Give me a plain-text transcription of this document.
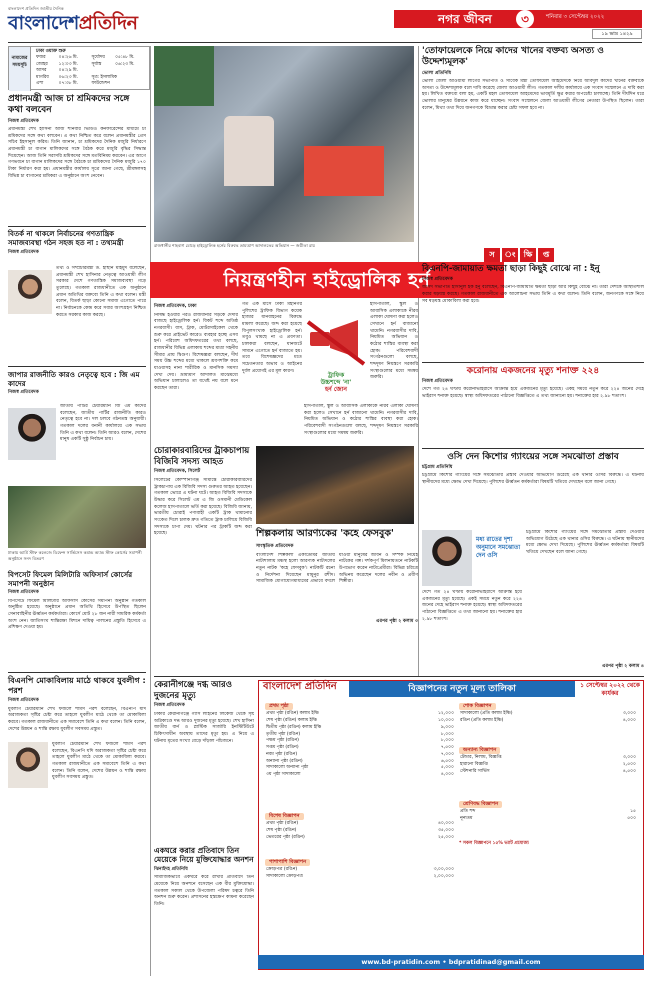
বাংলাদেশ প্রতিদিন জাতীয় দৈনিক
বাংলাদেশপ্রতিদিন	নগর জীবন	৩	শনিবার ৩ সেপ্টেম্বর ২০২২
১৯ ভাদ্র ১৪২৯
নামাজের
সময়সূচি
ঢাকা ওয়াক্ত শুরু			
ফজর	০৪:২৬ মি.	সূর্যোদয়	০৫:৪৮ মি.
জোহর	১২:০৩ মি.	সূর্যাস্ত	০৬:২৩ মি.
আসর	০৪:২৯ মি.		
মাগরিব	০৬:২৩ মি.	সূত্র: ইসলামিক	
এশা	০৭:৩৮ মি.	ফাউন্ডেশন	
প্রধানমন্ত্রী আজ চা শ্রমিকদের সঙ্গে কথা বলবেন
নিজস্ব প্রতিবেদক
প্রধানমন্ত্রী শেখ হাসিনা আজ শনিবার ভিডিও কনফারেন্সের মাধ্যমে চা শ্রমিকদের সঙ্গে কথা বলবেন। এ কথা নিশ্চিত করে বলেন প্রধানমন্ত্রীর প্রেস সচিব ইহসানুল করিম। তিনি জানান, চা শ্রমিকদের দৈনিক মজুরি নির্ধারণে প্রধানমন্ত্রী চা বাগান মালিকদের সঙ্গে বৈঠক করে মজুরি বৃদ্ধির সিদ্ধান্ত দিয়েছেন। আজ তিনি সরাসরি শ্রমিকদের সঙ্গে মতবিনিময় করবেন। এর আগে গণভবনে চা বাগান মালিকদের সঙ্গে বৈঠকে চা শ্রমিকদের দৈনিক মজুরি ১৭০ টাকা নির্ধারণ করা হয়। প্রধানমন্ত্রীর কার্যালয় সূত্রে জানা গেছে, শ্রীমঙ্গলসহ বিভিন্ন চা বাগানের শ্রমিকরা এ অনুষ্ঠানে অংশ নেবেন।
বিতর্ক না থাকলে নির্বাচনের গণতান্ত্রিক সমাজব্যবস্থা গঠন সহজ হত না : তথ্যমন্ত্রী
নিজস্ব প্রতিবেদক
তথ্য ও সম্প্রচারমন্ত্রী ড. হাছান মাহমুদ বলেছেন, প্রধানমন্ত্রী শেখ হাসিনার নেতৃত্বে আওয়ামী লীগ সরকার দেশে গণতান্ত্রিক সমাজব্যবস্থা গড়ে তুলেছে। গতকাল রাজধানীতে এক অনুষ্ঠানে প্রধান অতিথির বক্তব্যে তিনি এ কথা বলেন। মন্ত্রী বলেন, বিতর্ক ছাড়া কোনো সমাজ এগোতে পারে না। নির্বাচনকে কেন্দ্র করে সবার অংশগ্রহণ নিশ্চিত করতে সরকার কাজ করছে।
জাপার রাজনীতি কারও নেতৃত্বে হবে : জি এম কাদের
নিজস্ব প্রতিবেদক
জাতীয় পার্টির চেয়ারম্যান জি এম কাদের বলেছেন, জাতীয় পার্টির রাজনীতি কারও নেতৃত্বে হবে না। দল চলবে গঠনতন্ত্র অনুযায়ী। গতকাল দলের বনানী কার্যালয়ে এক সভায় তিনি এ কথা বলেন। তিনি আরও বলেন, দেশের মানুষ একটি সুষ্ঠু নির্বাচন চায়।
ঢাকায় আর্মি স্টাফ কলেজে ডিফেন্স সার্ভিসেস কমান্ড অ্যান্ড স্টাফ কোর্সের সমাপনী অনুষ্ঠানে সনদ বিতরণ
বিপসেট ফিমেল মিলিটারি অফিসার্স কোর্সের সমাপনী অনুষ্ঠান
নিজস্ব প্রতিবেদক
বিপসেটে ফিমেল মিলিটারি অফিসার্স কোর্সের সমাপনী অনুষ্ঠান গতকাল অনুষ্ঠিত হয়েছে। অনুষ্ঠানে প্রধান অতিথি হিসেবে উপস্থিত ছিলেন সেনাবাহিনীর ঊর্ধ্বতন কর্মকর্তারা। কোর্সে মোট ২৮ জন নারী সামরিক কর্মকর্তা অংশ নেন। জাতিসংঘ শান্তিরক্ষা মিশনে দায়িত্ব পালনের প্রস্তুতি হিসেবে এ প্রশিক্ষণ দেওয়া হয়।
বিএনপি মোকাবিলায় মাঠে থাকবে যুবলীগ : পরশ
নিজস্ব প্রতিবেদক
যুবলীগ চেয়ারম্যান শেখ ফজলে শামস পরশ বলেছেন, বিএনপি যদি অরাজকতা সৃষ্টির চেষ্টা করে তাহলে যুবলীগ মাঠে থেকে তা মোকাবিলা করবে। গতকাল রাজধানীতে এক সমাবেশে তিনি এ কথা বলেন। তিনি বলেন, দেশের উন্নয়ন ও শান্তি রক্ষায় যুবলীগ সবসময় প্রস্তুত।
যুবলীগ চেয়ারম্যান শেখ ফজলে শামস পরশ বলেছেন, বিএনপি যদি অরাজকতা সৃষ্টির চেষ্টা করে তাহলে যুবলীগ মাঠে থেকে তা মোকাবিলা করবে। গতকাল রাজধানীতে এক সমাবেশে তিনি এ কথা বলেন। তিনি বলেন, দেশের উন্নয়ন ও শান্তি রক্ষায় যুবলীগ সবসময় প্রস্তুত।
রাজধানীর শাহবাগ মোড়ে হাইড্রোলিক হর্নের বিরুদ্ধে ভ্রাম্যমাণ আদালতের অভিযান — জয়ীতা রায়
'তোফায়েলকে নিয়ে কাদের খানের বক্তব্য অসত্য ও উদ্দেশ্যমূলক'
ভোলা প্রতিনিধি
ভোলা জেলা আওয়ামী লীগের সভাপতি ও সাবেক মন্ত্রী তোফায়েল আহমেদকে নিয়ে আবদুল কাদের খানের বক্তব্যকে অসত্য ও উদ্দেশ্যমূলক বলে দাবি করেছে জেলা আওয়ামী লীগ। গতকাল দলীয় কার্যালয়ে এক সংবাদ সম্মেলনে এ দাবি করা হয়। লিখিত বক্তব্যে বলা হয়, একটি মহল তোফায়েল আহমেদের ভাবমূর্তি ক্ষুণ্ণ করার অপচেষ্টা চালাচ্ছে। তিনি দীর্ঘদিন ধরে ভোলার মানুষের উন্নয়নে কাজ করে যাচ্ছেন। সংবাদ সম্মেলনে জেলা আওয়ামী লীগের নেতারা উপস্থিত ছিলেন। তারা বলেন, মিথ্যা তথ্য দিয়ে জনগণকে বিভ্রান্ত করার চেষ্টা সফল হবে না।
স ং ক্ষি প্ত
নিয়ন্ত্রণহীন হাইড্রোলিক হর্ন
নিজস্ব প্রতিবেদক, ঢাকা
নিষিদ্ধ হওয়ার পরও রাজধানীর সড়কে দেদার বাজছে হাইড্রোলিক হর্ন। বিকট শব্দে অতিষ্ঠ নগরবাসী। বাস, ট্রাক, মোটরসাইকেল থেকে শুরু করে প্রাইভেট কারেও ব্যবহার হচ্ছে এসব হর্ন। পরিবেশ অধিদফতরের তথ্য বলছে, রাজধানীর বিভিন্ন এলাকায় শব্দের মাত্রা সহনীয় সীমার প্রায় দ্বিগুণ। বিশেষজ্ঞরা বলছেন, দীর্ঘ সময় উচ্চ শব্দের মধ্যে থাকলে শ্রবণশক্তি কমে যাওয়াসহ নানা শারীরিক ও মানসিক সমস্যা দেখা দেয়। ভ্রাম্যমাণ আদালত মাঝেমধ্যে অভিযান চালালেও তা যথেষ্ট নয় বলে মনে করছেন তারা।
গত এক মাসে ঢাকা মহানগর পুলিশের ট্রাফিক বিভাগ কয়েক হাজার যানবাহনের বিরুদ্ধে মামলা করেছে। জব্দ করা হয়েছে বিপুলসংখ্যক হাইড্রোলিক হর্ন। তবুও থামছে না এ প্রবণতা। চালকরা বলছেন, যানজটে সামনে এগোতে হর্ন বাজাতে হয়। তবে বিশেষজ্ঞদের মতে সচেতনতার অভাব ও আইনের দুর্বল প্রয়োগই এর মূল কারণ।
ট্রাফিক
উচ্চশব্দে 'না'
হর্ন জোন
হাসপাতাল, স্কুল ও আবাসিক এলাকাকে নীরব এলাকা ঘোষণা করা হলেও সেখানে হর্ন বাজানো থামেনি। নগরবাসীর দাবি, নিয়মিত অভিযান ও কঠোর শাস্তির ব্যবস্থা করা হোক। পরিবেশবাদী সংগঠনগুলো বলছে, শব্দদূষণ নিয়ন্ত্রণে সরকারি সংস্থাগুলোর মধ্যে সমন্বয় জরুরি।
হাসপাতাল, স্কুল ও আবাসিক এলাকাকে নীরব এলাকা ঘোষণা করা হলেও সেখানে হর্ন বাজানো থামেনি। নগরবাসীর দাবি, নিয়মিত অভিযান ও কঠোর শাস্তির ব্যবস্থা করা হোক। পরিবেশবাদী সংগঠনগুলো বলছে, শব্দদূষণ নিয়ন্ত্রণে সরকারি সংস্থাগুলোর মধ্যে সমন্বয় জরুরি।
চোরাকারবারিদের ট্রাকচাপায় বিজিবি সদস্য আহত
নিজস্ব প্রতিবেদক, সিলেট
সিলেটের কোম্পানীগঞ্জ সীমান্তে চোরাকারবারিদের ট্রাকচাপায় এক বিজিবি সদস্য গুরুতর আহত হয়েছেন। গতকাল ভোরে এ ঘটনা ঘটে। আহত বিজিবি সদস্যকে উদ্ধার করে সিলেট এম এ জি ওসমানী মেডিকেল কলেজ হাসপাতালে ভর্তি করা হয়েছে। বিজিবি জানায়, ভারতীয় চোরাই পণ্যবাহী একটি ট্রাক থামানোর সংকেত দিলে চালক দ্রুত গতিতে ট্রাক চালিয়ে বিজিবি সদস্যকে চাপা দেয়। ঘটনার পর ট্রাকটি জব্দ করা হয়েছে।	শিল্পকলায় আরণ্যকের 'কহে ফেসবুক'
সাংস্কৃতিক প্রতিবেদক
বাংলাদেশ শিল্পকলা একাডেমির জাতীয় নাট্যশালায় মঞ্চস্থ হলো আরণ্যক নাট্যদলের নতুন নাটক 'কহে ফেসবুক'। নাটকটি রচনা ও নির্দেশনা দিয়েছেন মামুনুর রশীদ। সামাজিক যোগাযোগমাধ্যমের প্রভাবে বদলে যাওয়া মানুষের জীবন ও সম্পর্ক নিয়েই নাটকের গল্প। দর্শকপূর্ণ মিলনায়তনে নাটকটি উপভোগ করেন নাট্যপ্রেমীরা। বিভিন্ন চরিত্রে অভিনয় করেছেন দলের নবীন ও প্রবীণ শিল্পীরা।
এরপর পৃষ্ঠা ২ কলাম ৩
বিএনপি-জামায়াত ক্ষমতা ছাড়া কিছুই বোঝে না : ইনু
নিজস্ব প্রতিবেদক
জাসদ সভাপতি হাসানুল হক ইনু বলেছেন, বিএনপি-জামায়াত ক্ষমতা ছাড়া আর কিছুই বোঝে না। তারা দেশকে অস্থিতিশীল করার ষড়যন্ত্র করছে। গতকাল রাজধানীতে এক আলোচনা সভায় তিনি এ কথা বলেন। তিনি বলেন, জনগণকে সঙ্গে নিয়ে সব ষড়যন্ত্র মোকাবিলা করা হবে।
করোনায় একজনের মৃত্যু শনাক্ত ২২৪
নিজস্ব প্রতিবেদক
দেশে গত ২৪ ঘণ্টায় করোনাভাইরাসে আক্রান্ত হয়ে একজনের মৃত্যু হয়েছে। একই সময়ে নতুন করে ২২৪ জনের দেহে ভাইরাস শনাক্ত হয়েছে। স্বাস্থ্য অধিদফতরের পাঠানো বিজ্ঞপ্তিতে এ তথ্য জানানো হয়। শনাক্তের হার ২.৯৮ শতাংশ।
ওসি দেন কিশোর গ্যাংয়ের সঙ্গে সমঝোতা প্রস্তাব
চট্টগ্রাম প্রতিনিধি
চট্টগ্রামে কিশোর গ্যাংয়ের সঙ্গে সমঝোতার প্রস্তাব দেওয়ার অভিযোগ উঠেছে এক থানার ওসির বিরুদ্ধে। এ ঘটনায় স্থানীয়দের মধ্যে ক্ষোভ দেখা দিয়েছে। পুলিশের ঊর্ধ্বতন কর্মকর্তারা বিষয়টি খতিয়ে দেখছেন বলে জানা গেছে।
মধ্য রাতের দৃশ্য অনুমানে সমঝোতা দেন ওসি
চট্টগ্রামে কিশোর গ্যাংয়ের সঙ্গে সমঝোতার প্রস্তাব দেওয়ার অভিযোগ উঠেছে এক থানার ওসির বিরুদ্ধে। এ ঘটনায় স্থানীয়দের মধ্যে ক্ষোভ দেখা দিয়েছে। পুলিশের ঊর্ধ্বতন কর্মকর্তারা বিষয়টি খতিয়ে দেখছেন বলে জানা গেছে।
দেশে গত ২৪ ঘণ্টায় করোনাভাইরাসে আক্রান্ত হয়ে একজনের মৃত্যু হয়েছে। একই সময়ে নতুন করে ২২৪ জনের দেহে ভাইরাস শনাক্ত হয়েছে। স্বাস্থ্য অধিদফতরের পাঠানো বিজ্ঞপ্তিতে এ তথ্য জানানো হয়। শনাক্তের হার ২.৯৮ শতাংশ।
এরপর পৃষ্ঠা ২ কলাম ৪
কেরানীগঞ্জে দগ্ধ আরও দুজনের মৃত্যু
নিজস্ব প্রতিবেদক
ঢাকার কেরানীগঞ্জে গ্যাস লাইনের লিকেজ থেকে সৃষ্ট অগ্নিকাণ্ডে দগ্ধ আরও দুজনের মৃত্যু হয়েছে। শেখ হাসিনা জাতীয় বার্ন ও প্লাস্টিক সার্জারি ইনস্টিটিউটে চিকিৎসাধীন অবস্থায় তাদের মৃত্যু হয়। এ নিয়ে এ ঘটনায় মৃতের সংখ্যা বেড়ে দাঁড়াল পাঁচজনে।
একঘরে করার প্রতিবাদে তিন মেয়েকে নিয়ে মুক্তিযোদ্ধার অনশন
ঝিনাইদহ প্রতিনিধি
সামাজিকভাবে একঘরে করে রাখার প্রতিবাদে তিন মেয়েকে নিয়ে অনশনে বসেছেন এক বীর মুক্তিযোদ্ধা। গতকাল সকাল থেকে উপজেলা পরিষদ চত্বরে তিনি অনশন শুরু করেন। প্রশাসনের হস্তক্ষেপ কামনা করেছেন তিনি।
বাংলাদেশ প্রতিদিন	বিজ্ঞাপনের নতুন মূল্য তালিকা	১ সেপ্টেম্বর ২০২২ থেকে কার্যকর
প্রথম পৃষ্ঠা
প্রথম পৃষ্ঠা (রঙিন) কলাম ইঞ্চি	১২,০০০
শেষ পৃষ্ঠা (রঙিন) কলাম ইঞ্চি	১০,০০০
দ্বিতীয় পৃষ্ঠা (রঙিন) কলাম ইঞ্চি	৯,০০০
তৃতীয় পৃষ্ঠা (রঙিন)	৮,০০০
পঞ্চম পৃষ্ঠা (রঙিন)	৮,০০০
সপ্তম পৃষ্ঠা (রঙিন)	৭,৫০০
নবম পৃষ্ঠা (রঙিন)	৭,০০০
অন্যান্য পৃষ্ঠা (রঙিন)	৬,৫০০
সাদাকালো অন্যান্য পৃষ্ঠা	৫,০০০
৩য় পৃষ্ঠা সাদাকালো	৪,০০০
বিশেষ বিজ্ঞাপন
প্রথম পৃষ্ঠা (রঙিন)	৪০,০০০
শেষ পৃষ্ঠা (রঙিন)	৩৫,০০০
ভেতরের পৃষ্ঠা (রঙিন)	২৫,০০০
পাশাপাশি বিজ্ঞাপন
ক্রোড়পত্র (রঙিন)	৩,০০,০০০
সাদাকালো ক্রোড়পত্র	২,০০,০০০
শোক বিজ্ঞাপন
সাদাকালো (প্রতি কলাম ইঞ্চি)	৩,০০০
রঙিন (প্রতি কলাম ইঞ্চি)	৪,০০০
অন্যান্য বিজ্ঞাপন
টেন্ডার, নিলাম, বিজ্ঞপ্তি	৩,০০০
হারানো বিজ্ঞপ্তি	২,৫০০
স্টেশনারি সার্ভিস	৪,৫০০
শ্রেণিবদ্ধ বিজ্ঞাপন
প্রতি শব্দ	১৫
নূন্যতম	৫০০
* সকল বিজ্ঞাপনে ১৫% ভ্যাট প্রযোজ্য
www.bd-pratidin.com • bdpratidinad@gmail.com
